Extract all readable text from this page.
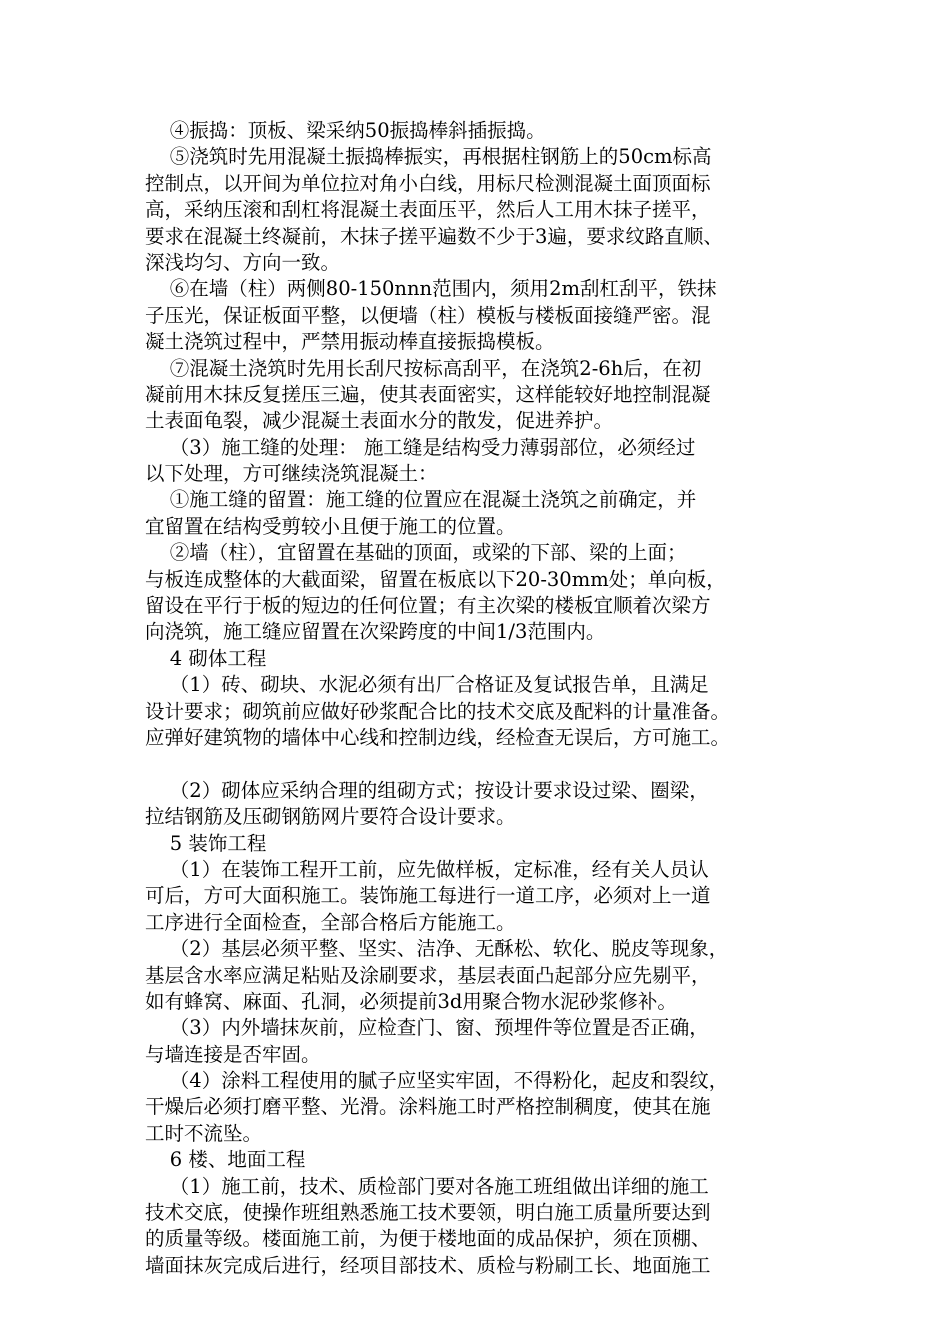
④振捣：顶板、梁采纳50振捣棒斜插振捣。
⑤浇筑时先用混凝土振捣棒振实，再根据柱钢筋上的50cm标高
控制点，以开间为单位拉对角小白线，用标尺检测混凝土面顶面标
高，采纳压滚和刮杠将混凝土表面压平，然后人工用木抹子搓平，
要求在混凝土终凝前，木抹子搓平遍数不少于3遍，要求纹路直顺、
深浅均匀、方向一致。
⑥在墙（柱）两侧80-150nnn范围内，须用2m刮杠刮平，铁抹
子压光，保证板面平整，以便墙（柱）模板与楼板面接缝严密。混
凝土浇筑过程中，严禁用振动棒直接振捣模板。
⑦混凝土浇筑时先用长刮尺按标高刮平，在浇筑2-6h后，在初
凝前用木抹反复搓压三遍，使其表面密实，这样能较好地控制混凝
土表面龟裂，减少混凝土表面水分的散发，促进养护。
（3）施工缝的处理： 施工缝是结构受力薄弱部位，必须经过
以下处理，方可继续浇筑混凝土：
①施工缝的留置：施工缝的位置应在混凝土浇筑之前确定，并
宜留置在结构受剪较小且便于施工的位置。
②墙（柱），宜留置在基础的顶面，或梁的下部、梁的上面；
与板连成整体的大截面梁，留置在板底以下20-30mm处；单向板，
留设在平行于板的短边的任何位置；有主次梁的楼板宜顺着次梁方
向浇筑，施工缝应留置在次梁跨度的中间1/3范围内。
4 砌体工程
（1）砖、砌块、水泥必须有出厂合格证及复试报告单，且满足
设计要求；砌筑前应做好砂浆配合比的技术交底及配料的计量准备。
应弹好建筑物的墙体中心线和控制边线，经检查无误后，方可施工。
（2）砌体应采纳合理的组砌方式；按设计要求设过梁、圈梁，
拉结钢筋及压砌钢筋网片要符合设计要求。
5 装饰工程
（1）在装饰工程开工前，应先做样板，定标准，经有关人员认
可后，方可大面积施工。装饰施工每进行一道工序，必须对上一道
工序进行全面检查，全部合格后方能施工。
（2）基层必须平整、坚实、洁净、无酥松、软化、脱皮等现象，
基层含水率应满足粘贴及涂刷要求，基层表面凸起部分应先剔平，
如有蜂窝、麻面、孔洞，必须提前3d用聚合物水泥砂浆修补。
（3）内外墙抹灰前，应检查门、窗、预埋件等位置是否正确，
与墙连接是否牢固。
（4）涂料工程使用的腻子应坚实牢固，不得粉化，起皮和裂纹，
干燥后必须打磨平整、光滑。涂料施工时严格控制稠度，使其在施
工时不流坠。
6 楼、地面工程
（1）施工前，技术、质检部门要对各施工班组做出详细的施工
技术交底，使操作班组熟悉施工技术要领，明白施工质量所要达到
的质量等级。楼面施工前，为便于楼地面的成品保护，须在顶棚、
墙面抹灰完成后进行，经项目部技术、质检与粉刷工长、地面施工
